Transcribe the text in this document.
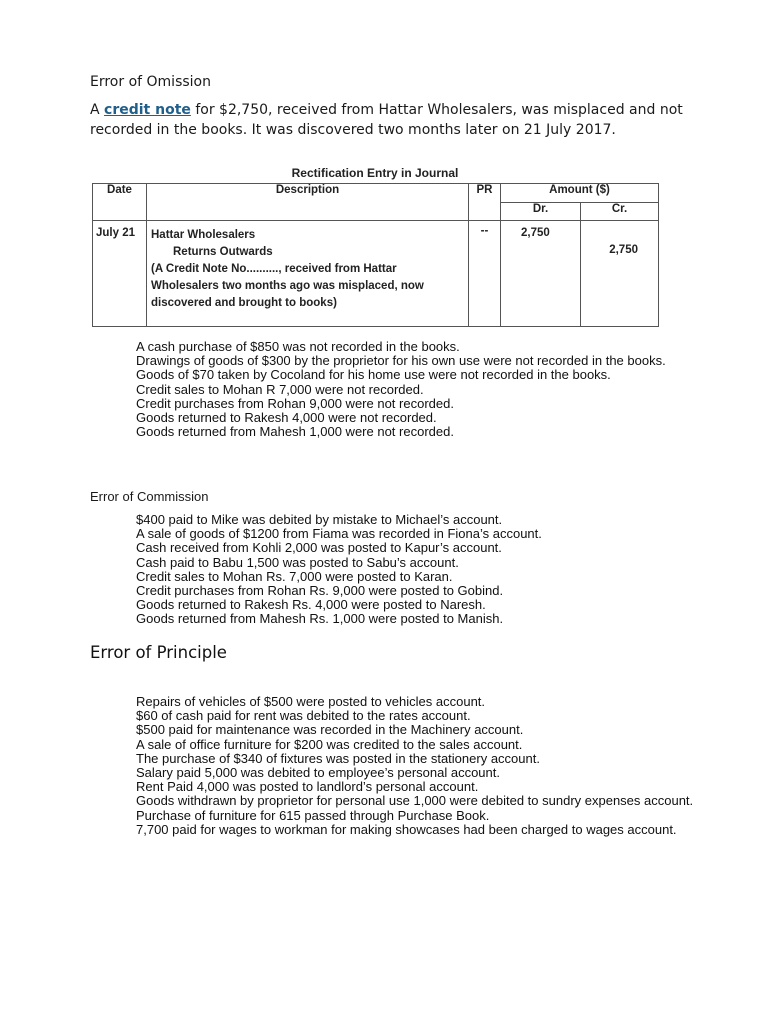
Error of Omission

A credit note for $2,750, received from Hattar Wholesalers, was misplaced and not recorded in the books. It was discovered two months later on 21 July 2017.

Rectification Entry in Journal
Date	Description	PR	Amount ($)	
			Dr.	Cr.
July 21	Hattar Wholesalers
Returns Outwards
(A Credit Note No.........., received from Hattar Wholesalers two months ago was misplaced, now discovered and brought to books)	--	2,750	2,750
A cash purchase of $850 was not recorded in the books.
Drawings of goods of $300 by the proprietor for his own use were not recorded in the books.
Goods of $70 taken by Cocoland for his home use were not recorded in the books.
Credit sales to Mohan R 7,000 were not recorded.
Credit purchases from Rohan 9,000 were not recorded.
Goods returned to Rakesh 4,000 were not recorded.
Goods returned from Mahesh 1,000 were not recorded.
Error of Commission
$400 paid to Mike was debited by mistake to Michael’s account.
A sale of goods of $1200 from Fiama was recorded in Fiona’s account.
Cash received from Kohli 2,000 was posted to Kapur’s account.
Cash paid to Babu 1,500 was posted to Sabu’s account.
Credit sales to Mohan Rs. 7,000 were posted to Karan.
Credit purchases from Rohan Rs. 9,000 were posted to Gobind.
Goods returned to Rakesh Rs. 4,000 were posted to Naresh.
Goods returned from Mahesh Rs. 1,000 were posted to Manish.
Error of Principle
Repairs of vehicles of $500 were posted to vehicles account.
$60 of cash paid for rent was debited to the rates account.
$500 paid for maintenance was recorded in the Machinery account.
A sale of office furniture for $200 was credited to the sales account.
The purchase of $340 of fixtures was posted in the stationery account.
Salary paid 5,000 was debited to employee’s personal account.
Rent Paid 4,000 was posted to landlord’s personal account.
Goods withdrawn by proprietor for personal use 1,000 were debited to sundry expenses account.
Purchase of furniture for 615 passed through Purchase Book.
7,700 paid for wages to workman for making showcases had been charged to wages account.
